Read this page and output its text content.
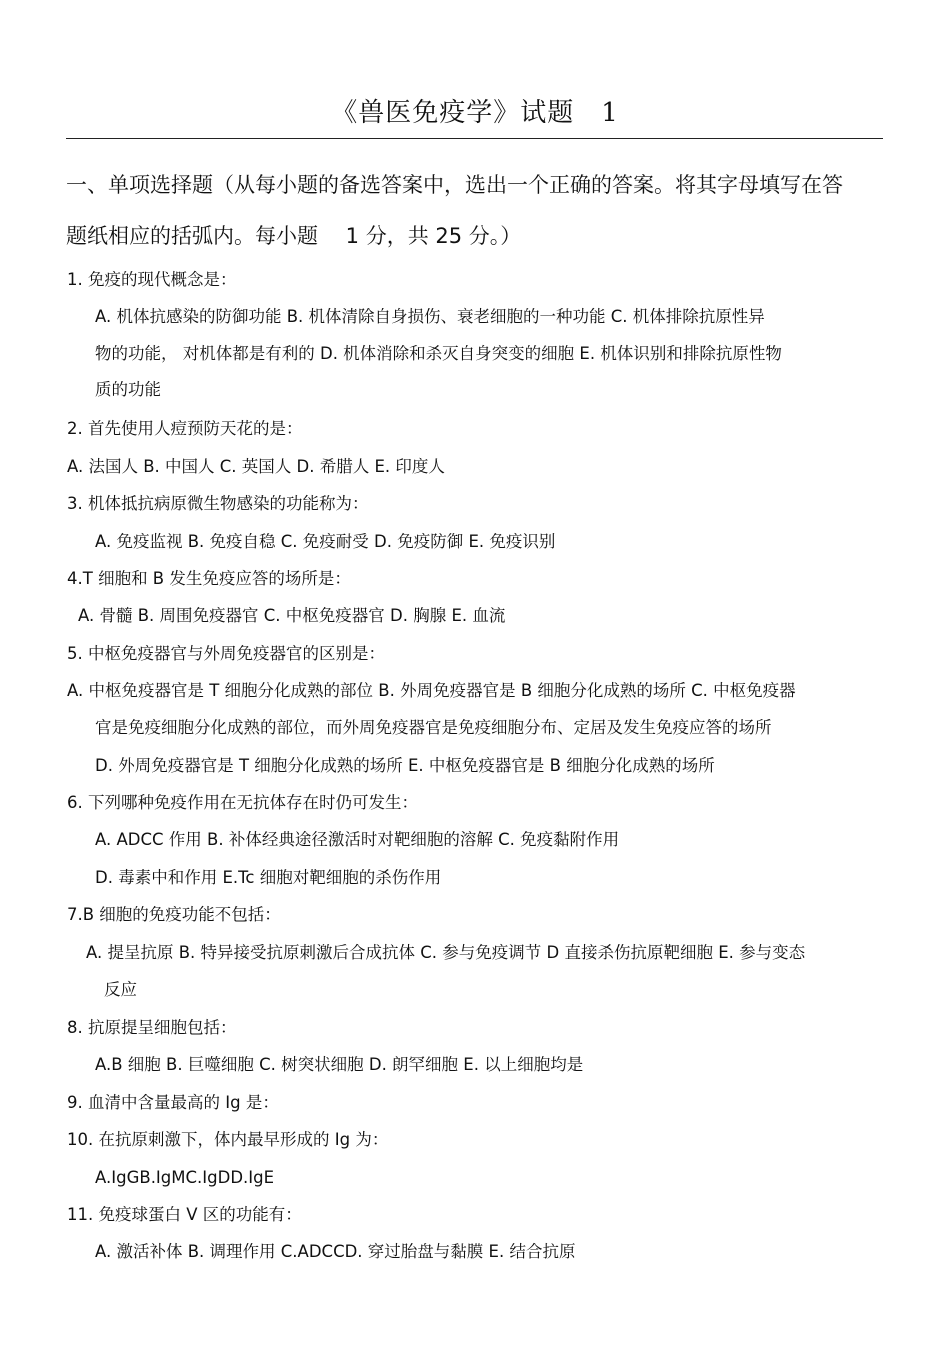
《兽医免疫学》试题　1
一、单项选择题（从每小题的备选答案中，选出一个正确的答案。将其字母填写在答
题纸相应的括弧内。每小题　 1 分，共 25 分。）
1. 免疫的现代概念是：
A. 机体抗感染的防御功能 B. 机体清除自身损伤、衰老细胞的一种功能 C. 机体排除抗原性异
物的功能， 对机体都是有利的 D. 机体消除和杀灭自身突变的细胞 E. 机体识别和排除抗原性物
质的功能
2. 首先使用人痘预防天花的是：
A. 法国人 B. 中国人 C. 英国人 D. 希腊人 E. 印度人
3. 机体抵抗病原微生物感染的功能称为：
A. 免疫监视 B. 免疫自稳 C. 免疫耐受 D. 免疫防御 E. 免疫识别
4.T 细胞和 B 发生免疫应答的场所是：
A. 骨髓 B. 周围免疫器官 C. 中枢免疫器官 D. 胸腺 E. 血流
5. 中枢免疫器官与外周免疫器官的区别是：
A. 中枢免疫器官是 T 细胞分化成熟的部位 B. 外周免疫器官是 B 细胞分化成熟的场所 C. 中枢免疫器
官是免疫细胞分化成熟的部位，而外周免疫器官是免疫细胞分布、定居及发生免疫应答的场所
D. 外周免疫器官是 T 细胞分化成熟的场所 E. 中枢免疫器官是 B 细胞分化成熟的场所
6. 下列哪种免疫作用在无抗体存在时仍可发生：
A. ADCC 作用 B. 补体经典途径激活时对靶细胞的溶解 C. 免疫黏附作用
D. 毒素中和作用 E.Tc 细胞对靶细胞的杀伤作用
7.B 细胞的免疫功能不包括：
A. 提呈抗原 B. 特异接受抗原刺激后合成抗体 C. 参与免疫调节 D 直接杀伤抗原靶细胞 E. 参与变态
反应
8. 抗原提呈细胞包括：
A.B 细胞 B. 巨噬细胞 C. 树突状细胞 D. 朗罕细胞 E. 以上细胞均是
9. 血清中含量最高的 Ig 是：
10. 在抗原刺激下，体内最早形成的 Ig 为：
A.IgGB.IgMC.IgDD.IgE
11. 免疫球蛋白 V 区的功能有：
A. 激活补体 B. 调理作用 C.ADCCD. 穿过胎盘与黏膜 E. 结合抗原
